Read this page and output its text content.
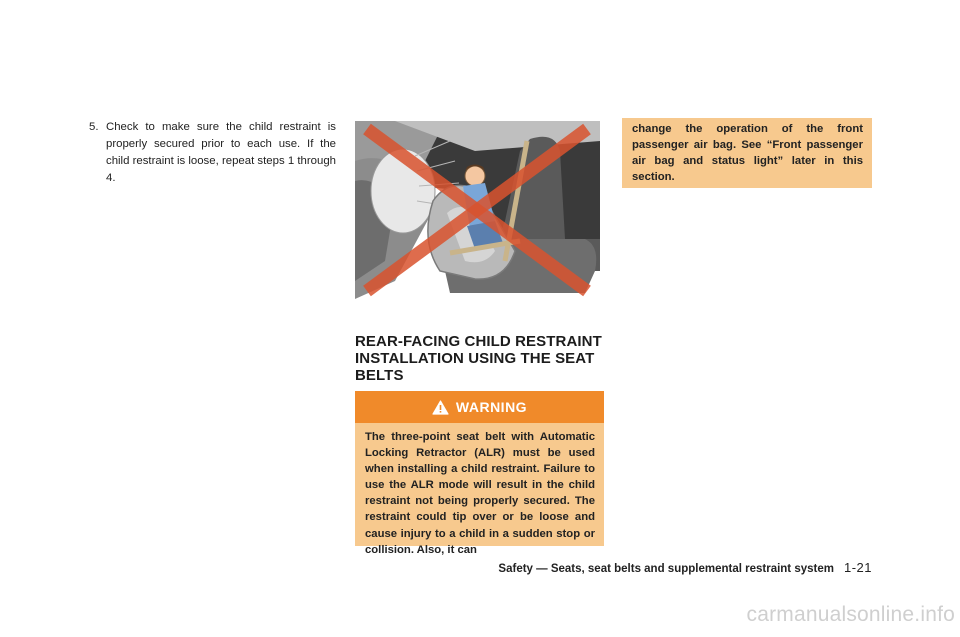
5. Check to make sure the child restraint is properly secured prior to each use. If the child restraint is loose, repeat steps 1 through 4.
REAR-FACING CHILD RESTRAINT INSTALLATION USING THE SEAT BELTS
WARNING
The three-point seat belt with Automatic Locking Retractor (ALR) must be used when installing a child restraint. Failure to use the ALR mode will result in the child restraint not being properly secured. The restraint could tip over or be loose and cause injury to a child in a sudden stop or collision. Also, it can
change the operation of the front passenger air bag. See “Front passenger air bag and status light” later in this section.
Safety — Seats, seat belts and supplemental restraint system 1-21
carmanualsonline.info
